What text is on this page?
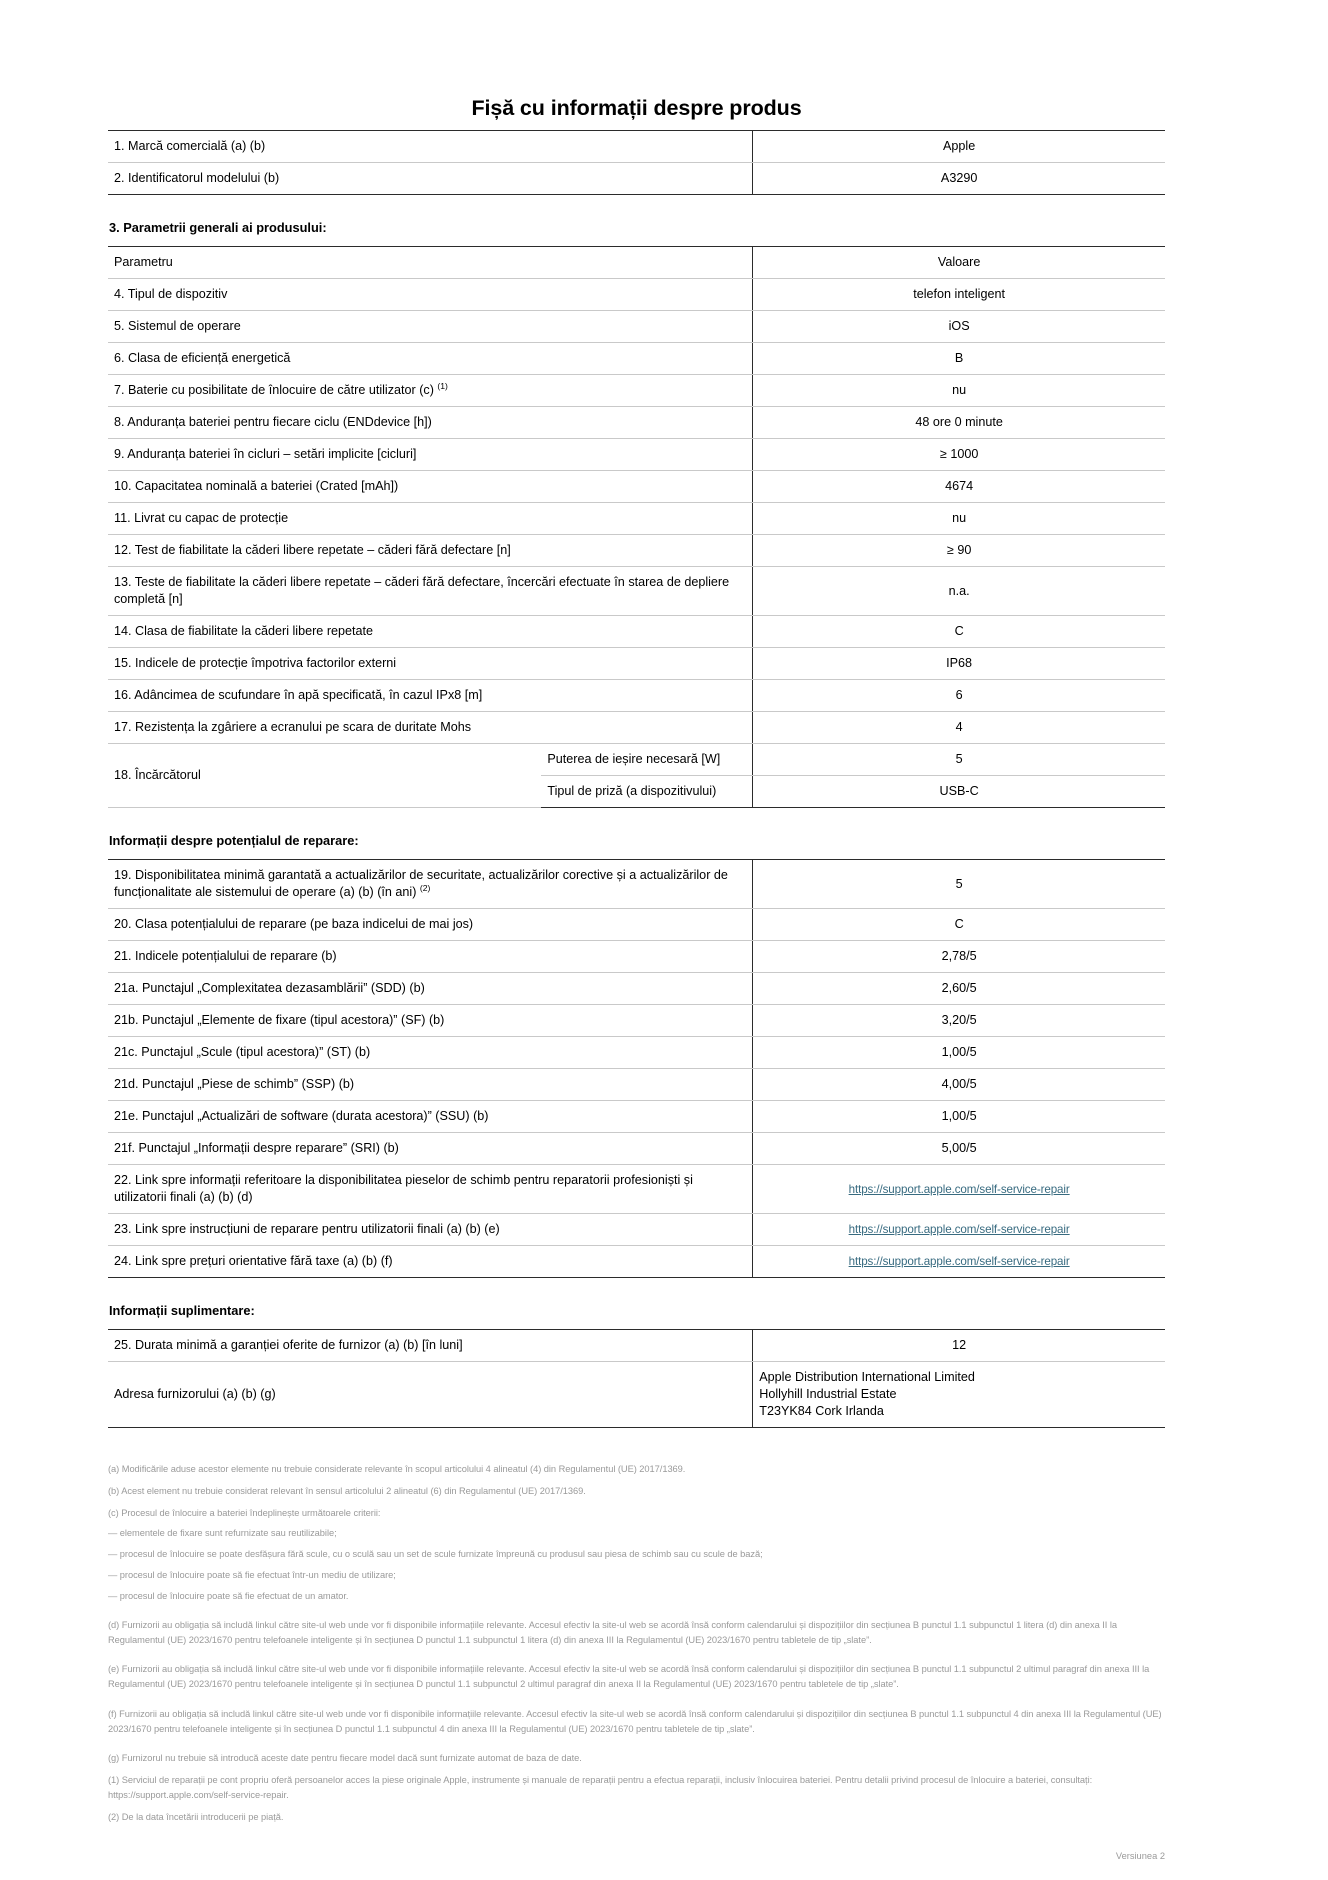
Fișă cu informații despre produs
1. Marcă comercială (a) (b)	Apple
2. Identificatorul modelului (b)	A3290
3. Parametrii generali ai produsului:
Parametru		Valoare
4. Tipul de dispozitiv		telefon inteligent
5. Sistemul de operare		iOS
6. Clasa de eficiență energetică		B
7. Baterie cu posibilitate de înlocuire de către utilizator (c) $^{(1)}$		nu
8. Anduranța bateriei pentru fiecare ciclu (ENDdevice [h])		48 ore 0 minute
9. Anduranța bateriei în cicluri – setări implicite [cicluri]		≥ 1000
10. Capacitatea nominală a bateriei (Crated [mAh])		4674
11. Livrat cu capac de protecție		nu
12. Test de fiabilitate la căderi libere repetate – căderi fără defectare [n]		≥ 90
13. Teste de fiabilitate la căderi libere repetate – căderi fără defectare, încercări efectuate în starea de depliere completă [n]		n.a.
14. Clasa de fiabilitate la căderi libere repetate		C
15. Indicele de protecție împotriva factorilor externi		IP68
16. Adâncimea de scufundare în apă specificată, în cazul IPx8 [m]		6
17. Rezistența la zgâriere a ecranului pe scara de duritate Mohs		4
18. Încărcătorul	Puterea de ieșire necesară [W]	5
	Tipul de priză (a dispozitivului)	USB-C
Informații despre potențialul de reparare:
19. Disponibilitatea minimă garantată a actualizărilor de securitate, actualizărilor corective și a actualizărilor de funcționalitate ale sistemului de operare (a) (b) (în ani) $^{(2)}$	5
20. Clasa potențialului de reparare (pe baza indicelui de mai jos)	C
21. Indicele potențialului de reparare (b)	2,78/5
21a. Punctajul „Complexitatea dezasamblării” (SDD) (b)	2,60/5
21b. Punctajul „Elemente de fixare (tipul acestora)” (SF) (b)	3,20/5
21c. Punctajul „Scule (tipul acestora)” (ST) (b)	1,00/5
21d. Punctajul „Piese de schimb” (SSP) (b)	4,00/5
21e. Punctajul „Actualizări de software (durata acestora)” (SSU) (b)	1,00/5
21f. Punctajul „Informații despre reparare” (SRI) (b)	5,00/5
22. Link spre informații referitoare la disponibilitatea pieselor de schimb pentru reparatorii profesioniști și utilizatorii finali (a) (b) (d)	https://support.apple.com/self-service-repair
23. Link spre instrucțiuni de reparare pentru utilizatorii finali (a) (b) (e)	https://support.apple.com/self-service-repair
24. Link spre prețuri orientative fără taxe (a) (b) (f)	https://support.apple.com/self-service-repair
Informații suplimentare:
25. Durata minimă a garanției oferite de furnizor (a) (b) [în luni]	12
Adresa furnizorului (a) (b) (g)	Apple Distribution International Limited
Hollyhill Industrial Estate
T23YK84 Cork Irlanda

(a) Modificările aduse acestor elemente nu trebuie considerate relevante în scopul articolului 4 alineatul (4) din Regulamentul (UE) 2017/1369.

(b) Acest element nu trebuie considerat relevant în sensul articolului 2 alineatul (6) din Regulamentul (UE) 2017/1369.

(c) Procesul de înlocuire a bateriei îndeplinește următoarele criterii:

— elementele de fixare sunt refurnizate sau reutilizabile;

— procesul de înlocuire se poate desfășura fără scule, cu o sculă sau un set de scule furnizate împreună cu produsul sau piesa de schimb sau cu scule de bază;

— procesul de înlocuire poate să fie efectuat într-un mediu de utilizare;

— procesul de înlocuire poate să fie efectuat de un amator.

(d) Furnizorii au obligația să includă linkul către site-ul web unde vor fi disponibile informațiile relevante. Accesul efectiv la site-ul web se acordă însă conform calendarului și dispozițiilor din secțiunea B punctul 1.1 subpunctul 1 litera (d) din anexa II la Regulamentul (UE) 2023/1670 pentru telefoanele inteligente și în secțiunea D punctul 1.1 subpunctul 1 litera (d) din anexa III la Regulamentul (UE) 2023/1670 pentru tabletele de tip „slate”.

(e) Furnizorii au obligația să includă linkul către site-ul web unde vor fi disponibile informațiile relevante. Accesul efectiv la site-ul web se acordă însă conform calendarului și dispozițiilor din secțiunea B punctul 1.1 subpunctul 2 ultimul paragraf din anexa III la Regulamentul (UE) 2023/1670 pentru telefoanele inteligente și în secțiunea D punctul 1.1 subpunctul 2 ultimul paragraf din anexa II la Regulamentul (UE) 2023/1670 pentru tabletele de tip „slate”.

(f) Furnizorii au obligația să includă linkul către site-ul web unde vor fi disponibile informațiile relevante. Accesul efectiv la site-ul web se acordă însă conform calendarului și dispozițiilor din secțiunea B punctul 1.1 subpunctul 4 din anexa III la Regulamentul (UE) 2023/1670 pentru telefoanele inteligente și în secțiunea D punctul 1.1 subpunctul 4 din anexa III la Regulamentul (UE) 2023/1670 pentru tabletele de tip „slate”.

(g) Furnizorul nu trebuie să introducă aceste date pentru fiecare model dacă sunt furnizate automat de baza de date.

(1) Serviciul de reparații pe cont propriu oferă persoanelor acces la piese originale Apple, instrumente și manuale de reparații pentru a efectua reparații, inclusiv înlocuirea bateriei. Pentru detalii privind procesul de înlocuire a bateriei, consultați: https://support.apple.com/self-service-repair.

(2) De la data încetării introducerii pe piață.

Versiunea 2
